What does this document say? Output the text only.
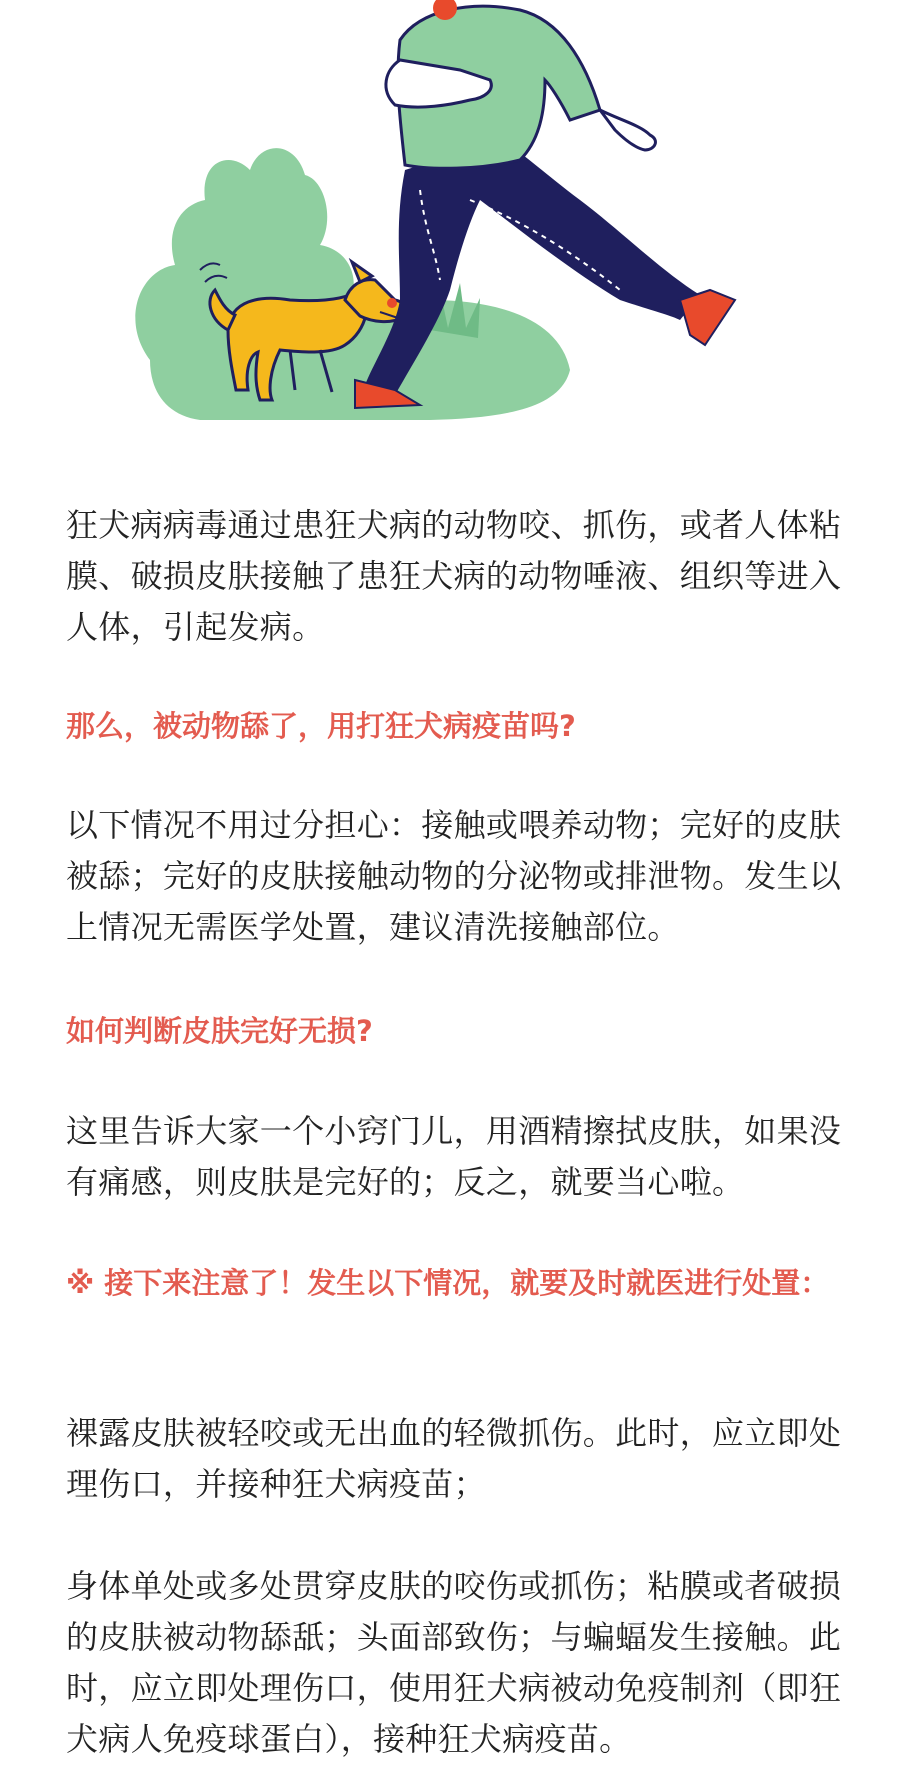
狂犬病病毒通过患狂犬病的动物咬、抓伤，或者人体粘膜、破损皮肤接触了患狂犬病的动物唾液、组织等进入人体，引起发病。

那么，被动物舔了，用打狂犬病疫苗吗?

以下情况不用过分担心：接触或喂养动物；完好的皮肤被舔；完好的皮肤接触动物的分泌物或排泄物。发生以上情况无需医学处置，建议清洗接触部位。

如何判断皮肤完好无损?

这里告诉大家一个小窍门儿，用酒精擦拭皮肤，如果没有痛感，则皮肤是完好的；反之，就要当心啦。

※ 接下来注意了！发生以下情况，就要及时就医进行处置：

裸露皮肤被轻咬或无出血的轻微抓伤。此时，应立即处理伤口，并接种狂犬病疫苗；

身体单处或多处贯穿皮肤的咬伤或抓伤；粘膜或者破损的皮肤被动物舔舐；头面部致伤；与蝙蝠发生接触。此时，应立即处理伤口，使用狂犬病被动免疫制剂（即狂犬病人免疫球蛋白），接种狂犬病疫苗。
